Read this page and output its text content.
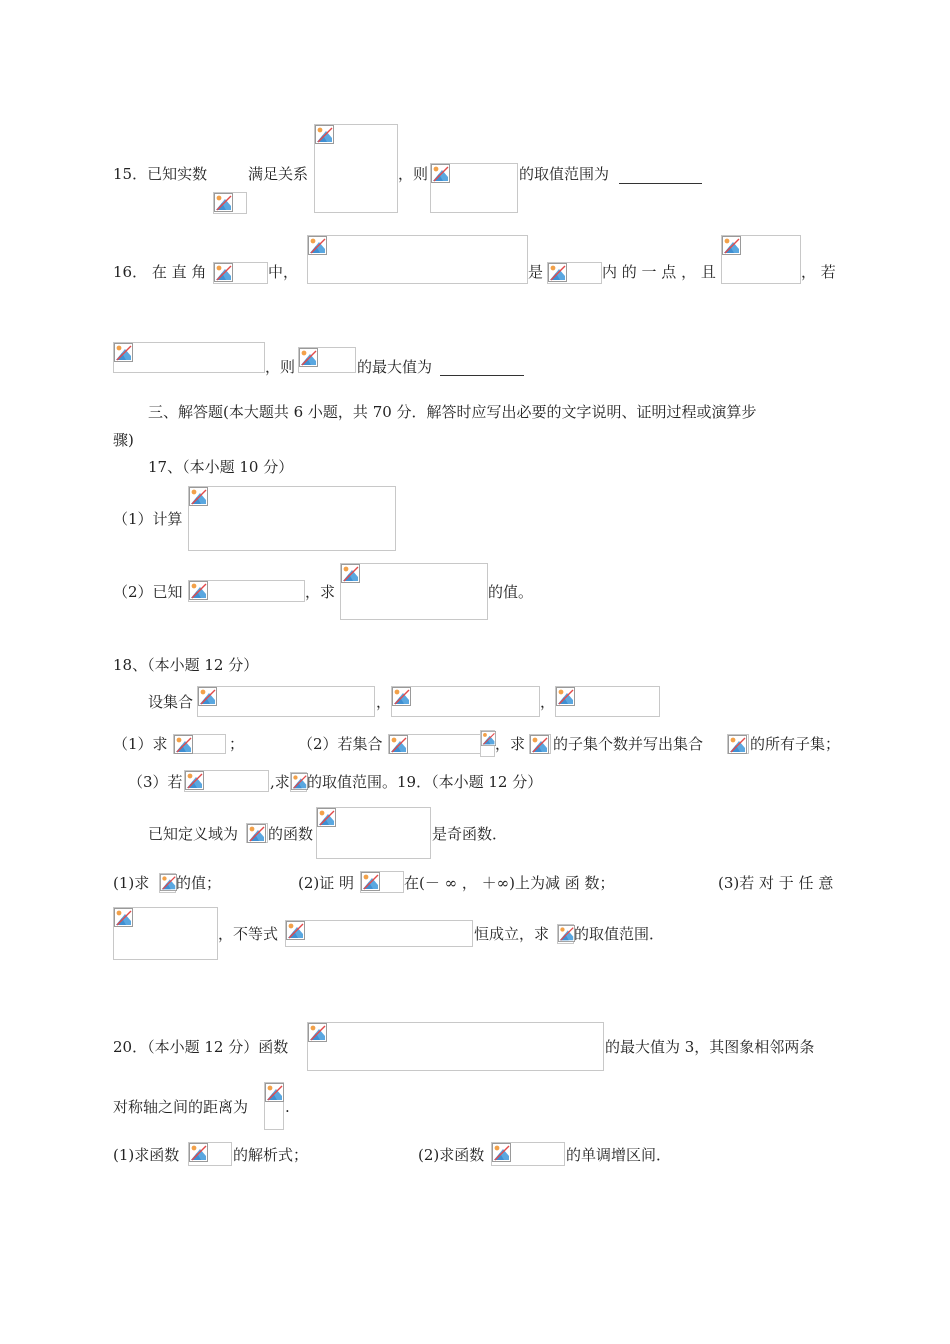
15．已知实数	满足关系	，则	的取值范围为
16． 在 直 角	中，	是	内 的 一 点 ， 且	， 若
，则	的最大值为
三、解答题(本大题共 6 小题，共 70 分．解答时应写出必要的文字说明、证明过程或演算步
骤)
17、（本小题 10 分）
（1）计算
（2）已知	，求	的值。
18、（本小题 12 分）
设集合	，	，
（1）求	；	（2）若集合	，求 的子集个数并写出集合	的所有子集；
（3）若	,求 的取值范围。19．（本小题 12 分）
已知定义域为 的函数	是奇函数．
(1)求 的值；	(2)证 明	在(－ ∞ ， ＋∞)上为减 函 数；	(3)若 对 于 任 意
，不等式	恒成立，求 的取值范围．
20．（本小题 12 分）函数	的最大值为 3，其图象相邻两条
对称轴之间的距离为 .
(1)求函数	的解析式；	(2)求函数	的单调增区间．
